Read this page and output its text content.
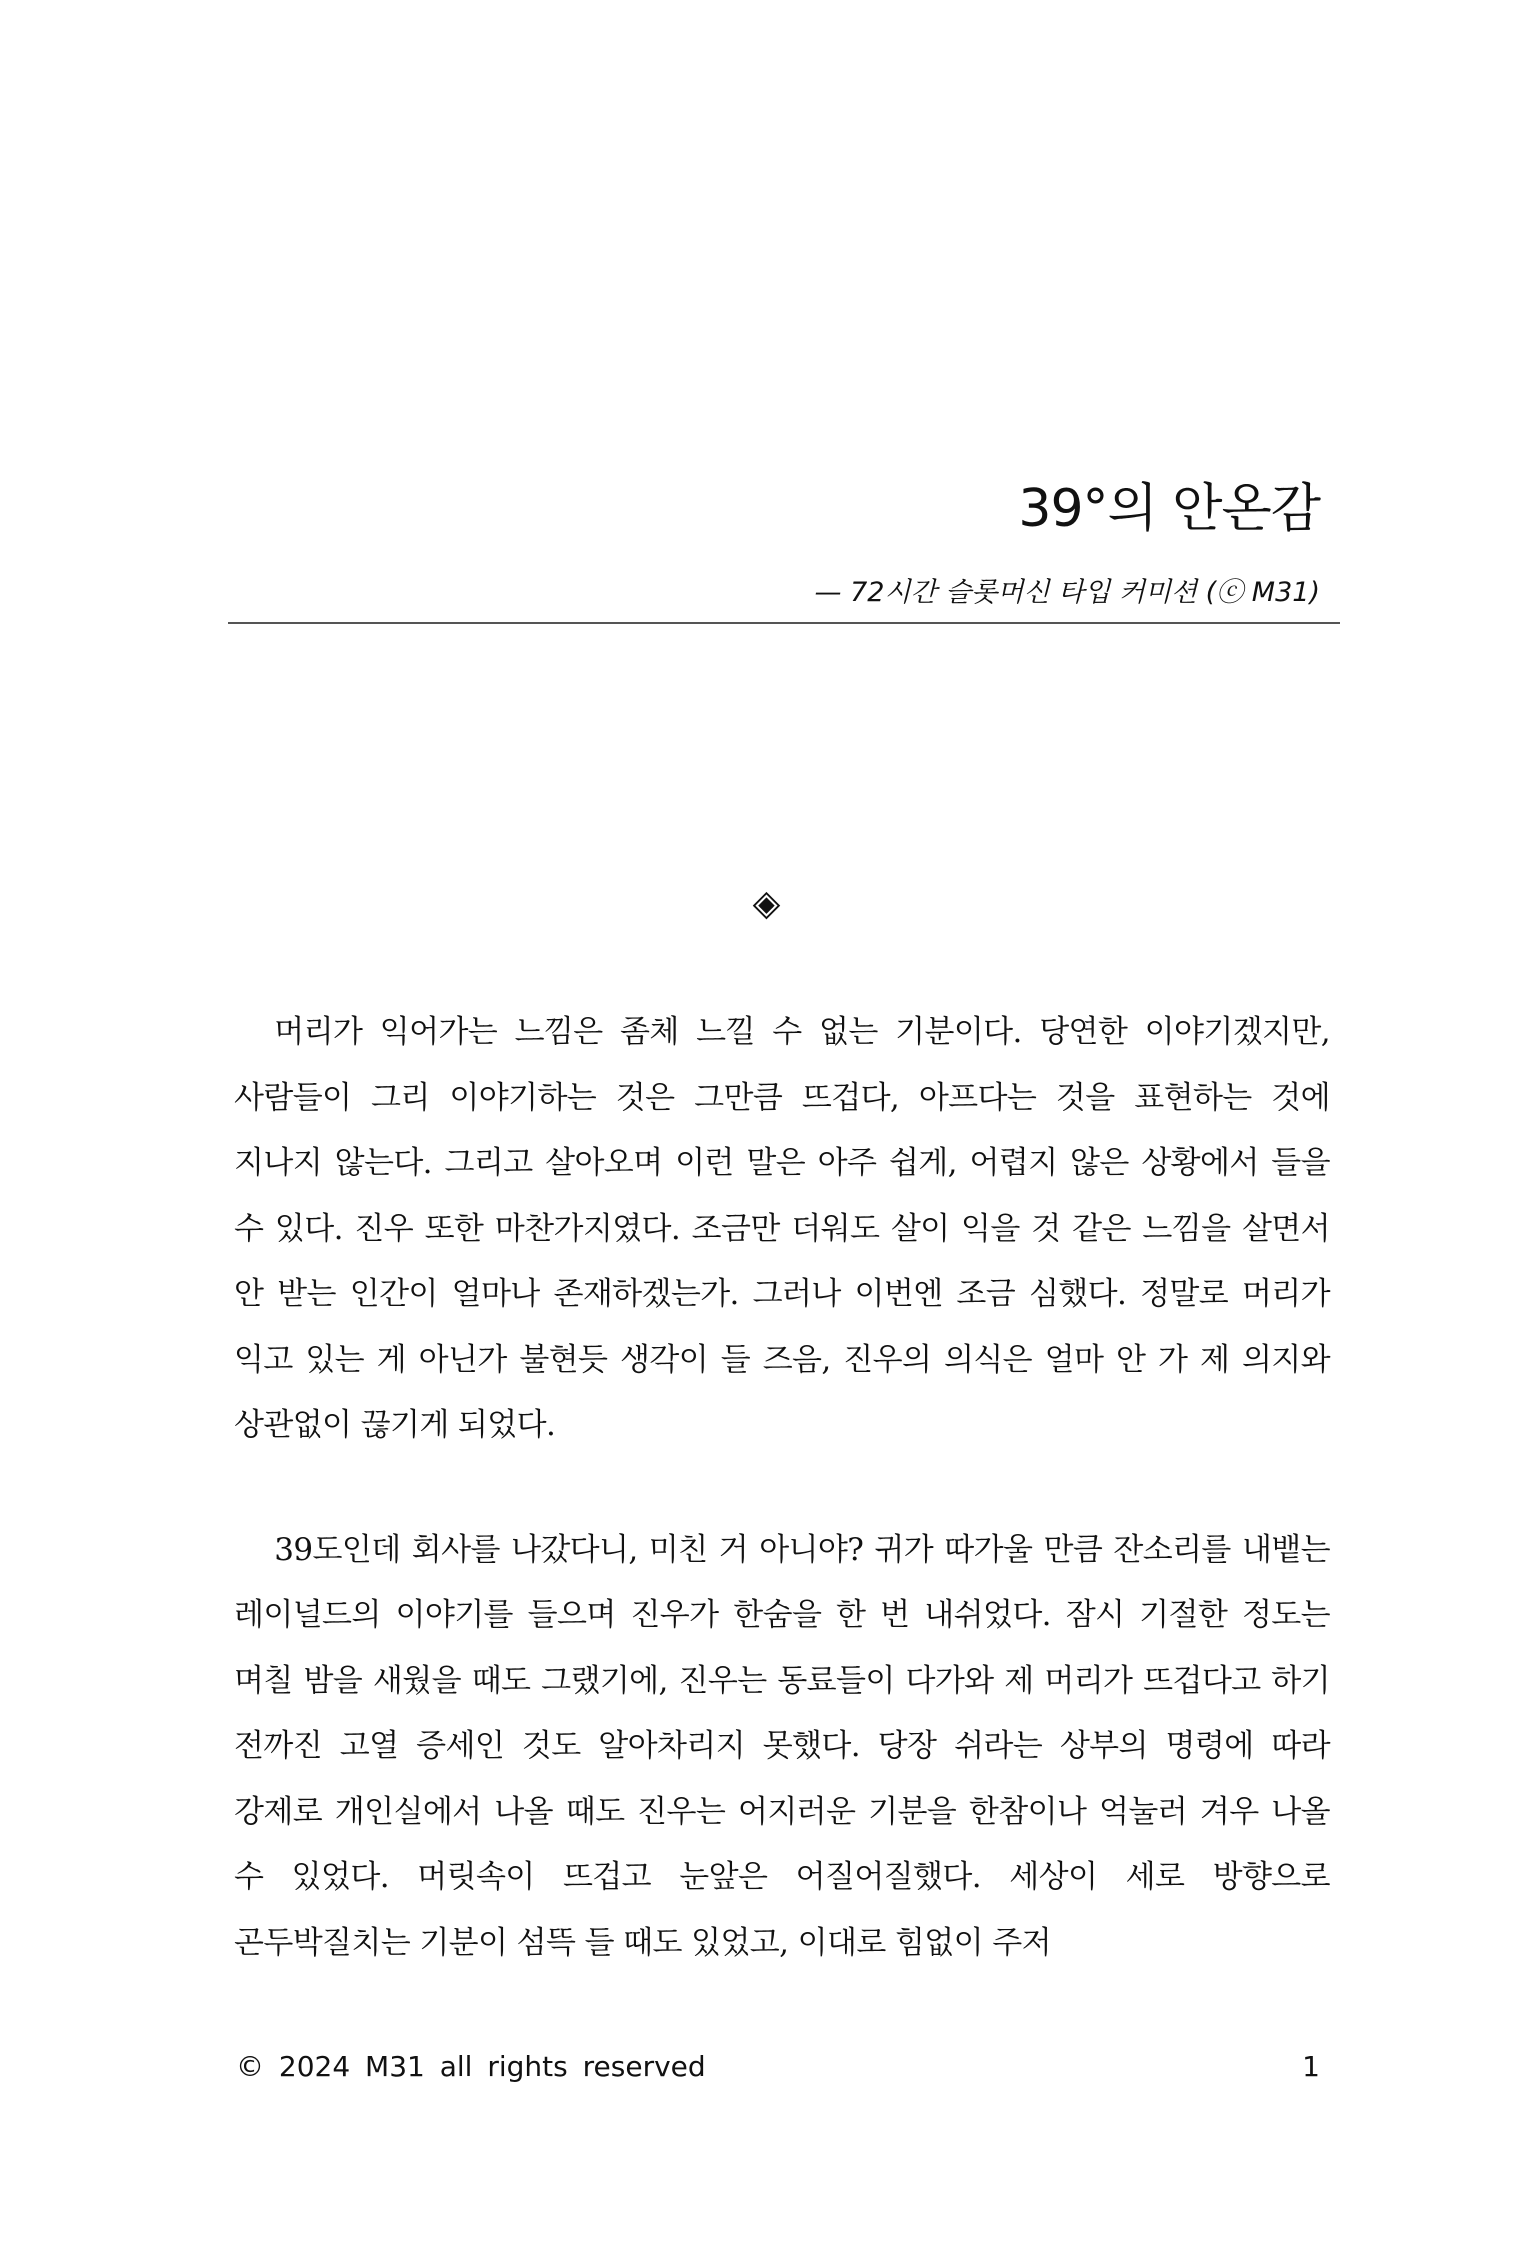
39°의 안온감
— 72시간 슬롯머신 타입 커미션 (ⓒ M31)
◈

머리가 익어가는 느낌은 좀체 느낄 수 없는 기분이다. 당연한 이야기겠지만, 사람들이 그리 이야기하는 것은 그만큼 뜨겁다, 아프다는 것을 표현하는 것에 지나지 않는다. 그리고 살아오며 이런 말은 아주 쉽게, 어렵지 않은 상황에서 들을 수 있다. 진우 또한 마찬가지였다. 조금만 더워도 살이 익을 것 같은 느낌을 살면서 안 받는 인간이 얼마나 존재하겠는가. 그러나 이번엔 조금 심했다. 정말로 머리가 익고 있는 게 아닌가 불현듯 생각이 들 즈음, 진우의 의식은 얼마 안 가 제 의지와 상관없이 끊기게 되었다.

39도인데 회사를 나갔다니, 미친 거 아니야? 귀가 따가울 만큼 잔소리를 내뱉는 레이널드의 이야기를 들으며 진우가 한숨을 한 번 내쉬었다. 잠시 기절한 정도는 며칠 밤을 새웠을 때도 그랬기에, 진우는 동료들이 다가와 제 머리가 뜨겁다고 하기 전까진 고열 증세인 것도 알아차리지 못했다. 당장 쉬라는 상부의 명령에 따라 강제로 개인실에서 나올 때도 진우는 어지러운 기분을 한참이나 억눌러 겨우 나올 수 있었다. 머릿속이 뜨겁고 눈앞은 어질어질했다. 세상이 세로 방향으로 곤두박질치는 기분이 섬뜩 들 때도 있었고, 이대로 힘없이 주저

© 2024 M31 all rights reserved	1
